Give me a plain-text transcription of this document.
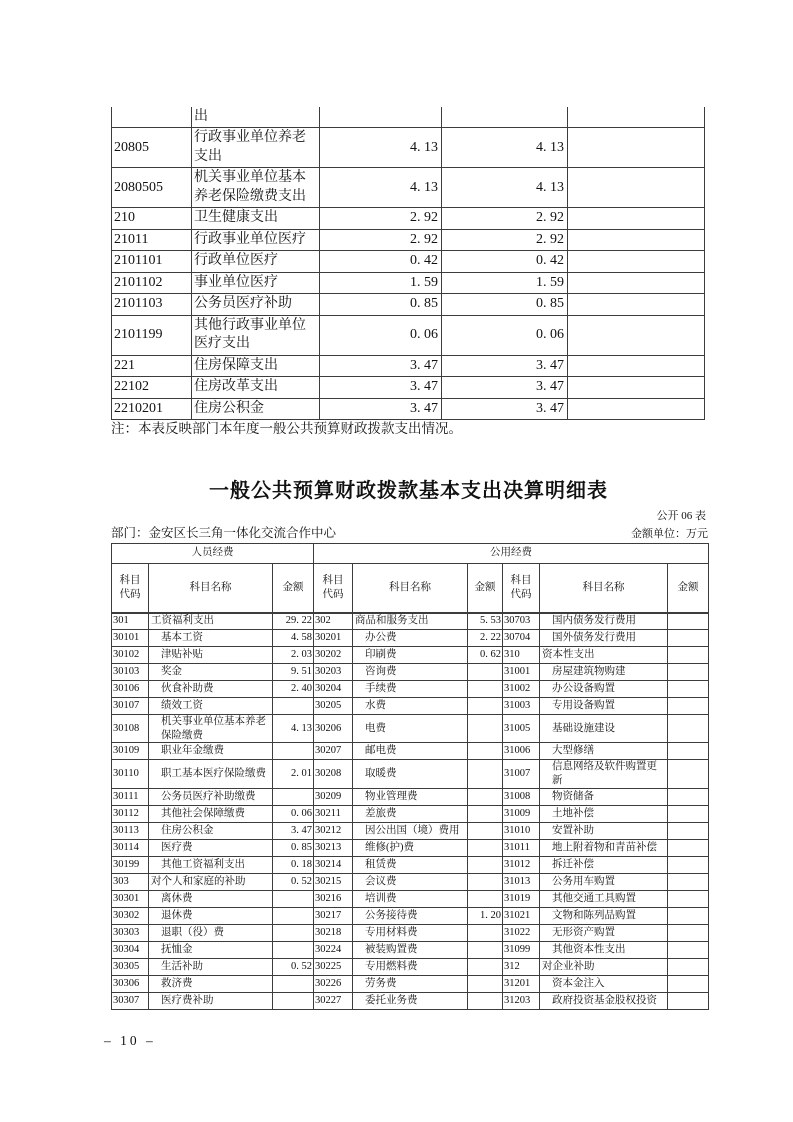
	出			
20805	行政事业单位养老支出	4. 13	4. 13	
2080505	机关事业单位基本养老保险缴费支出	4. 13	4. 13	
210	卫生健康支出	2. 92	2. 92	
21011	行政事业单位医疗	2. 92	2. 92	
2101101	行政单位医疗	0. 42	0. 42	
2101102	事业单位医疗	1. 59	1. 59	
2101103	公务员医疗补助	0. 85	0. 85	
2101199	其他行政事业单位医疗支出	0. 06	0. 06	
221	住房保障支出	3. 47	3. 47	
22102	住房改革支出	3. 47	3. 47	
2210201	住房公积金	3. 47	3. 47	
注：本表反映部门本年度一般公共预算财政拨款支出情况。
一般公共预算财政拨款基本支出决算明细表
公开 06 表
部门：金安区长三角一体化交流合作中心	金额单位：万元
人员经费			公用经费					
科目代码	科目名称	金额	科目代码	科目名称	金额	科目代码	科目名称	金额
301	工资福利支出	29. 22	302	商品和服务支出	5. 53	30703	国内债务发行费用	
30101	基本工资	4. 58	30201	办公费	2. 22	30704	国外债务发行费用	
30102	津贴补贴	2. 03	30202	印刷费	0. 62	310	资本性支出	
30103	奖金	9. 51	30203	咨询费		31001	房屋建筑物购建	
30106	伙食补助费	2. 40	30204	手续费		31002	办公设备购置	
30107	绩效工资		30205	水费		31003	专用设备购置	
30108	机关事业单位基本养老保险缴费	4. 13	30206	电费		31005	基础设施建设	
30109	职业年金缴费		30207	邮电费		31006	大型修缮	
30110	职工基本医疗保险缴费	2. 01	30208	取暖费		31007	信息网络及软件购置更新	
30111	公务员医疗补助缴费		30209	物业管理费		31008	物资储备	
30112	其他社会保障缴费	0. 06	30211	差旅费		31009	土地补偿	
30113	住房公积金	3. 47	30212	因公出国（境）费用		31010	安置补助	
30114	医疗费	0. 85	30213	维修(护)费		31011	地上附着物和青苗补偿	
30199	其他工资福利支出	0. 18	30214	租赁费		31012	拆迁补偿	
303	对个人和家庭的补助	0. 52	30215	会议费		31013	公务用车购置	
30301	离休费		30216	培训费		31019	其他交通工具购置	
30302	退休费		30217	公务接待费	1. 20	31021	文物和陈列品购置	
30303	退职（役）费		30218	专用材料费		31022	无形资产购置	
30304	抚恤金		30224	被装购置费		31099	其他资本性支出	
30305	生活补助	0. 52	30225	专用燃料费		312	对企业补助	
30306	救济费		30226	劳务费		31201	资本金注入	
30307	医疗费补助		30227	委托业务费		31203	政府投资基金股权投资	
– 10 –
